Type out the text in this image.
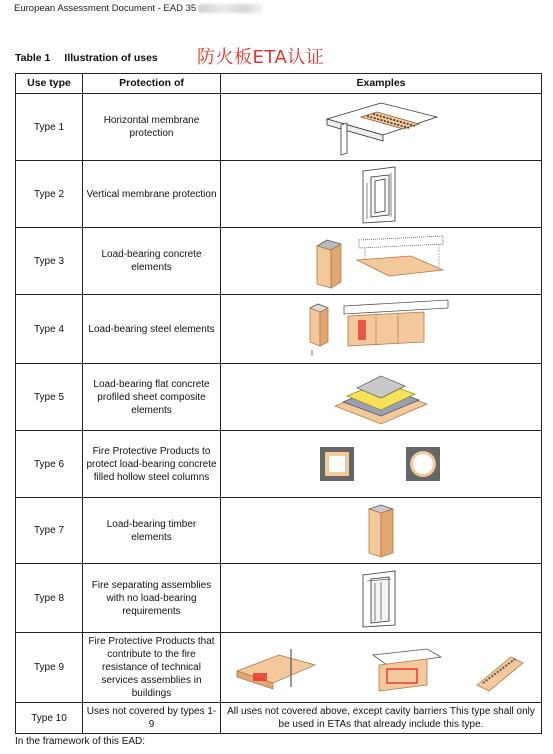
European Assessment Document - EAD 35
Table 1 Illustration of uses 防火板ETA认证
Use type	Protection of	Examples
Type 1	Horizontal membrane protection	

Type 2	Vertical membrane protection	

Type 3	Load-bearing concrete elements	

Type 4	Load-bearing steel elements	

Type 5	Load-bearing flat concrete profiled sheet composite elements	

Type 6	Fire Protective Products to protect load-bearing concrete filled hollow steel columns	

Type 7	Load-bearing timber elements	

Type 8	Fire separating assemblies with no load-bearing requirements	

Type 9	Fire Protective Products that contribute to the fire resistance of technical services assemblies in buildings	

Type 10	Uses not covered by types 1-9	All uses not covered above, except cavity barriers This type shall only be used in ETAs that already include this type.
In the framework of this EAD:
